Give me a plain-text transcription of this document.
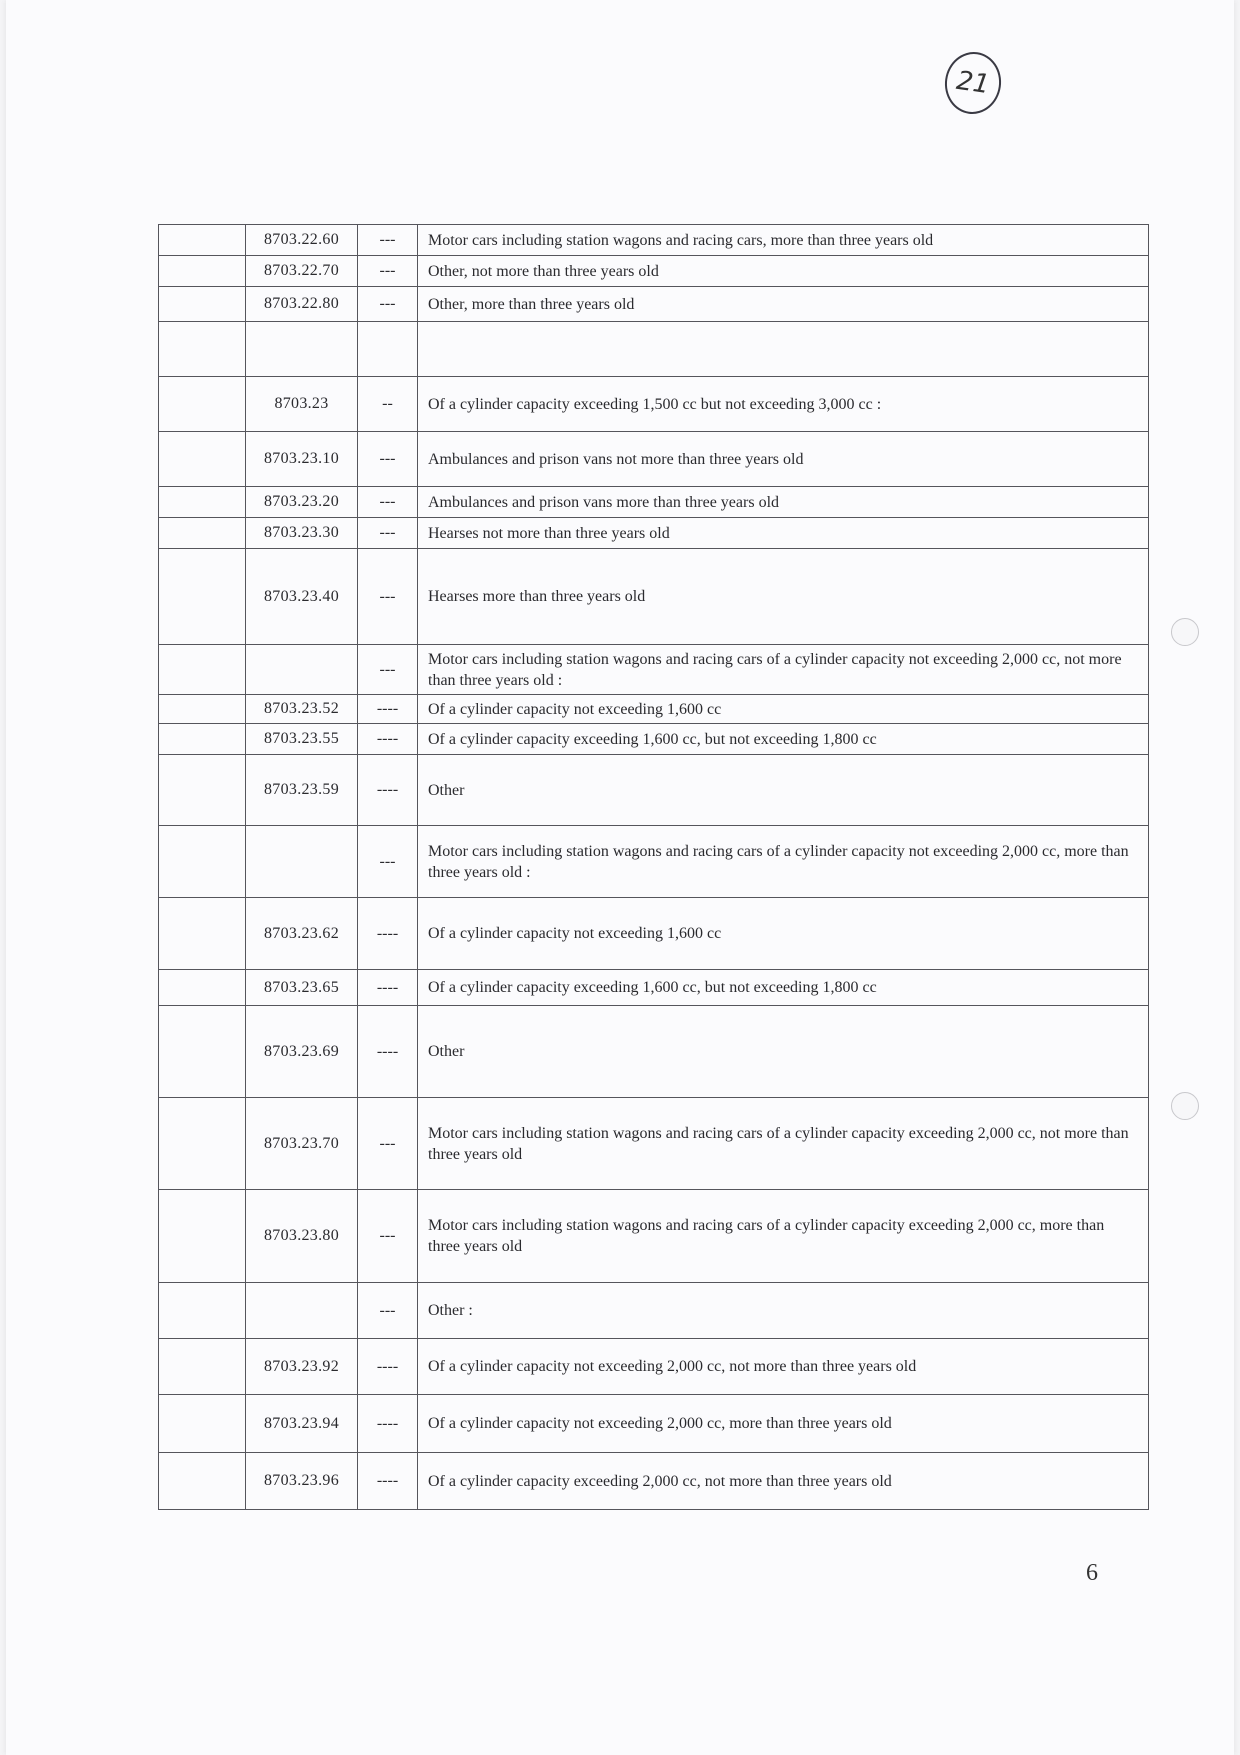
21
	8703.22.60	---	Motor cars including station wagons and racing cars, more than three years old
	8703.22.70	---	Other, not more than three years old
	8703.22.80	---	Other, more than three years old

	8703.23	--	Of a cylinder capacity exceeding 1,500 cc but not exceeding 3,000 cc :
	8703.23.10	---	Ambulances and prison vans not more than three years old
	8703.23.20	---	Ambulances and prison vans more than three years old
	8703.23.30	---	Hearses not more than three years old
	8703.23.40	---	Hearses more than three years old
		---	Motor cars including station wagons and racing cars of a cylinder capacity not exceeding 2,000 cc, not more than three years old :
	8703.23.52	----	Of a cylinder capacity not exceeding 1,600 cc
	8703.23.55	----	Of a cylinder capacity exceeding 1,600 cc, but not exceeding 1,800 cc
	8703.23.59	----	Other
		---	Motor cars including station wagons and racing cars of a cylinder capacity not exceeding 2,000 cc, more than three years old :
	8703.23.62	----	Of a cylinder capacity not exceeding 1,600 cc
	8703.23.65	----	Of a cylinder capacity exceeding 1,600 cc, but not exceeding 1,800 cc
	8703.23.69	----	Other
	8703.23.70	---	Motor cars including station wagons and racing cars of a cylinder capacity exceeding 2,000 cc, not more than three years old
	8703.23.80	---	Motor cars including station wagons and racing cars of a cylinder capacity exceeding 2,000 cc, more than three years old
		---	Other :
	8703.23.92	----	Of a cylinder capacity not exceeding 2,000 cc, not more than three years old
	8703.23.94	----	Of a cylinder capacity not exceeding 2,000 cc, more than three years old
	8703.23.96	----	Of a cylinder capacity exceeding 2,000 cc, not more than three years old
6
